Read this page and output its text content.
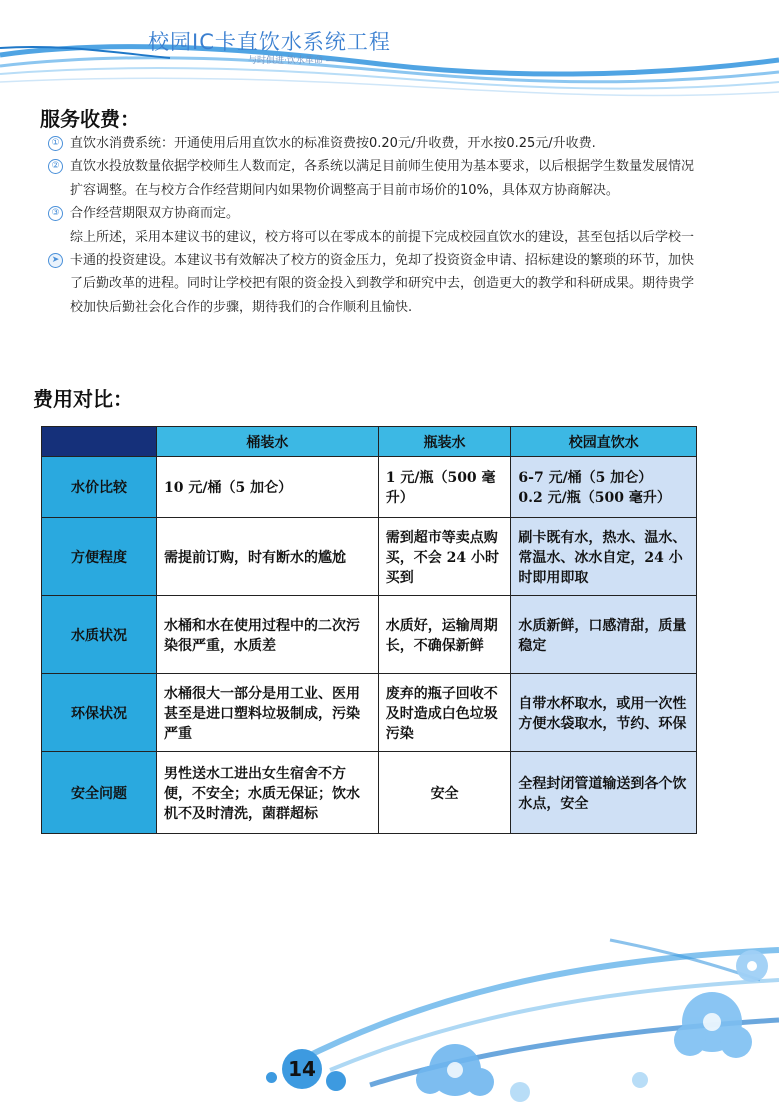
校园IC卡直饮水系统工程
与时俱进·饮水革命 ——
服务收费：
① 直饮水消费系统：开通使用后用直饮水的标准资费按0.20元/升收费，开水按0.25元/升收费.
② 直饮水投放数量依据学校师生人数而定，各系统以满足目前师生使用为基本要求，以后根据学生数量发展情况
扩容调整。在与校方合作经营期间内如果物价调整高于目前市场价的10%，具体双方协商解决。
③ 合作经营期限双方协商而定。
综上所述，采用本建议书的建议，校方将可以在零成本的前提下完成校园直饮水的建设，甚至包括以后学校一
➤ 卡通的投资建设。本建议书有效解决了校方的资金压力，免却了投资资金申请、招标建设的繁琐的环节，加快
了后勤改革的进程。同时让学校把有限的资金投入到教学和研究中去，创造更大的教学和科研成果。期待贵学
校加快后勤社会化合作的步骤，期待我们的合作顺利且愉快.
费用对比：
	桶装水	瓶装水	校园直饮水
水价比较	10 元/桶（5 加仑）	1 元/瓶（500 毫升）	6-7 元/桶（5 加仑）
0.2 元/瓶（500 毫升）

方便程度	需提前订购，时有断水的尴尬	需到超市等卖点购买，不会 24 小时买到	刷卡既有水，热水、温水、常温水、冰水自定，24 小时即用即取
水质状况	水桶和水在使用过程中的二次污染很严重，水质差	水质好，运输周期长，不确保新鲜	水质新鲜，口感清甜，质量稳定
环保状况	水桶很大一部分是用工业、医用甚至是进口塑料垃圾制成，污染严重	废弃的瓶子回收不及时造成白色垃圾污染	自带水杯取水，或用一次性方便水袋取水，节约、环保
安全问题	男性送水工进出女生宿舍不方便，不安全；水质无保证；饮水机不及时清洗，菌群超标	安全	全程封闭管道输送到各个饮水点，安全
14
